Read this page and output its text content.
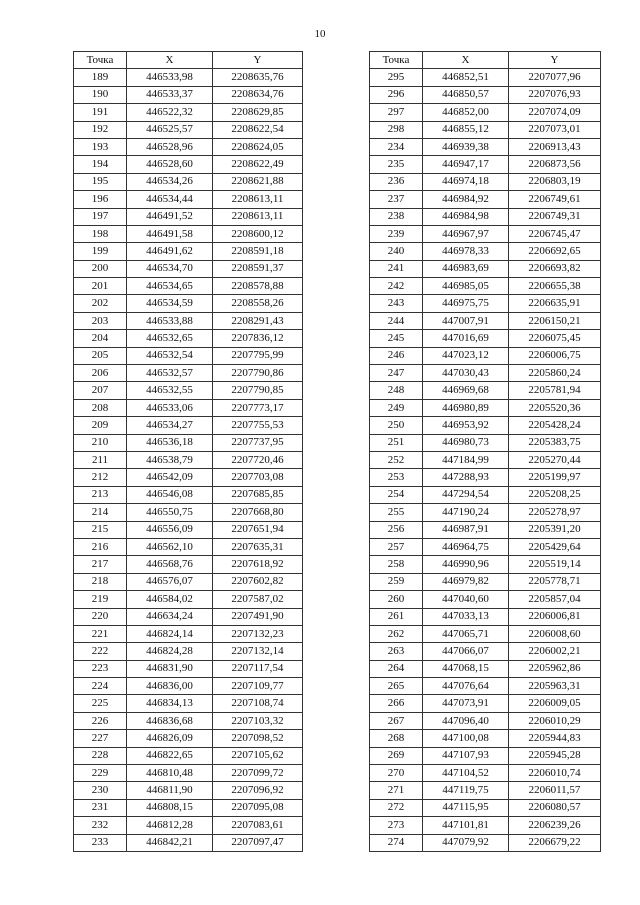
10
Точка	X	Y
189	446533,98	2208635,76
190	446533,37	2208634,76
191	446522,32	2208629,85
192	446525,57	2208622,54
193	446528,96	2208624,05
194	446528,60	2208622,49
195	446534,26	2208621,88
196	446534,44	2208613,11
197	446491,52	2208613,11
198	446491,58	2208600,12
199	446491,62	2208591,18
200	446534,70	2208591,37
201	446534,65	2208578,88
202	446534,59	2208558,26
203	446533,88	2208291,43
204	446532,65	2207836,12
205	446532,54	2207795,99
206	446532,57	2207790,86
207	446532,55	2207790,85
208	446533,06	2207773,17
209	446534,27	2207755,53
210	446536,18	2207737,95
211	446538,79	2207720,46
212	446542,09	2207703,08
213	446546,08	2207685,85
214	446550,75	2207668,80
215	446556,09	2207651,94
216	446562,10	2207635,31
217	446568,76	2207618,92
218	446576,07	2207602,82
219	446584,02	2207587,02
220	446634,24	2207491,90
221	446824,14	2207132,23
222	446824,28	2207132,14
223	446831,90	2207117,54
224	446836,00	2207109,77
225	446834,13	2207108,74
226	446836,68	2207103,32
227	446826,09	2207098,52
228	446822,65	2207105,62
229	446810,48	2207099,72
230	446811,90	2207096,92
231	446808,15	2207095,08
232	446812,28	2207083,61
233	446842,21	2207097,47
Точка	X	Y
295	446852,51	2207077,96
296	446850,57	2207076,93
297	446852,00	2207074,09
298	446855,12	2207073,01
234	446939,38	2206913,43
235	446947,17	2206873,56
236	446974,18	2206803,19
237	446984,92	2206749,61
238	446984,98	2206749,31
239	446967,97	2206745,47
240	446978,33	2206692,65
241	446983,69	2206693,82
242	446985,05	2206655,38
243	446975,75	2206635,91
244	447007,91	2206150,21
245	447016,69	2206075,45
246	447023,12	2206006,75
247	447030,43	2205860,24
248	446969,68	2205781,94
249	446980,89	2205520,36
250	446953,92	2205428,24
251	446980,73	2205383,75
252	447184,99	2205270,44
253	447288,93	2205199,97
254	447294,54	2205208,25
255	447190,24	2205278,97
256	446987,91	2205391,20
257	446964,75	2205429,64
258	446990,96	2205519,14
259	446979,82	2205778,71
260	447040,60	2205857,04
261	447033,13	2206006,81
262	447065,71	2206008,60
263	447066,07	2206002,21
264	447068,15	2205962,86
265	447076,64	2205963,31
266	447073,91	2206009,05
267	447096,40	2206010,29
268	447100,08	2205944,83
269	447107,93	2205945,28
270	447104,52	2206010,74
271	447119,75	2206011,57
272	447115,95	2206080,57
273	447101,81	2206239,26
274	447079,92	2206679,22
